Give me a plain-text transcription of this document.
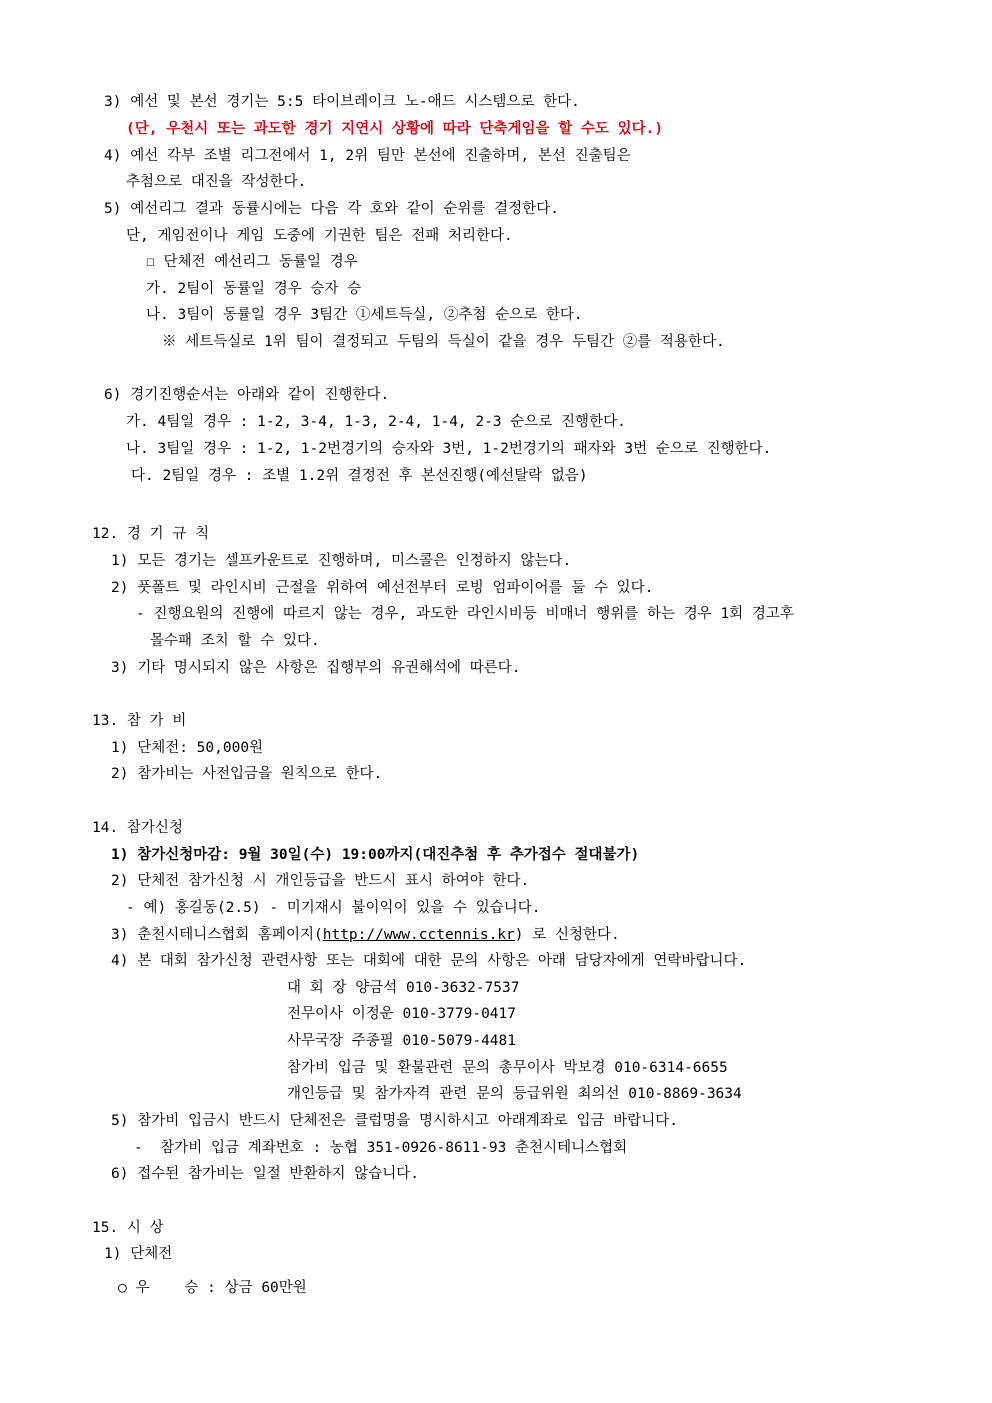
3) 예선 및 본선 경기는 5:5 타이브레이크 노-애드 시스템으로 한다.
(단, 우천시 또는 과도한 경기 지연시 상황에 따라 단축게임을 할 수도 있다.)
4) 예선 각부 조별 리그전에서 1, 2위 팀만 본선에 진출하며, 본선 진출팀은
추첨으로 대진을 작성한다.
5) 예선리그 결과 동률시에는 다음 각 호와 같이 순위를 결정한다.
단, 게임전이나 게임 도중에 기권한 팀은 전패 처리한다.
☐ 단체전 예선리그 동률일 경우
가. 2팀이 동률일 경우 승자 승
나. 3팀이 동률일 경우 3팀간 ①세트득실, ②추첨 순으로 한다.
※ 세트득실로 1위 팀이 결정되고 두팀의 득실이 같을 경우 두팀간 ②를 적용한다.
6) 경기진행순서는 아래와 같이 진행한다.
가. 4팀일 경우 : 1-2, 3-4, 1-3, 2-4, 1-4, 2-3 순으로 진행한다.
나. 3팀일 경우 : 1-2, 1-2번경기의 승자와 3번, 1-2번경기의 패자와 3번 순으로 진행한다.
다. 2팀일 경우 : 조별 1.2위 결정전 후 본선진행(예선탈락 없음)
12. 경 기 규 칙
1) 모든 경기는 셀프카운트로 진행하며, 미스콜은 인정하지 않는다.
2) 풋폴트 및 라인시비 근절을 위하여 예선전부터 로빙 엄파이어를 둘 수 있다.
- 진행요원의 진행에 따르지 않는 경우, 과도한 라인시비등 비매너 행위를 하는 경우 1회 경고후
몰수패 조치 할 수 있다.
3) 기타 명시되지 않은 사항은 집행부의 유권해석에 따른다.
13. 참 가 비
1) 단체전: 50,000원
2) 참가비는 사전입금을 원칙으로 한다.
14. 참가신청
1) 참가신청마감: 9월 30일(수) 19:00까지(대진추첨 후 추가접수 절대불가)
2) 단체전 참가신청 시 개인등급을 반드시 표시 하여야 한다.
- 예) 홍길동(2.5) - 미기재시 불이익이 있을 수 있습니다.
3) 춘천시테니스협회 홈페이지(http://www.cctennis.kr) 로 신청한다.
4) 본 대회 참가신청 관련사항 또는 대회에 대한 문의 사항은 아래 담당자에게 연락바랍니다.
대 회 장 양금석 010-3632-7537
전무이사 이정운 010-3779-0417
사무국장 주종필 010-5079-4481
참가비 입금 및 환불관련 문의 총무이사 박보경 010-6314-6655
개인등급 및 참가자격 관련 문의 등급위원 최의선 010-8869-3634
5) 참가비 입금시 반드시 단체전은 클럽명을 명시하시고 아래계좌로 입금 바랍니다.
-  참가비 입금 계좌번호 : 농협 351-0926-8611-93 춘천시테니스협회
6) 접수된 참가비는 일절 반환하지 않습니다.
15. 시 상
1) 단체전
○ 우    승 : 상금 60만원
